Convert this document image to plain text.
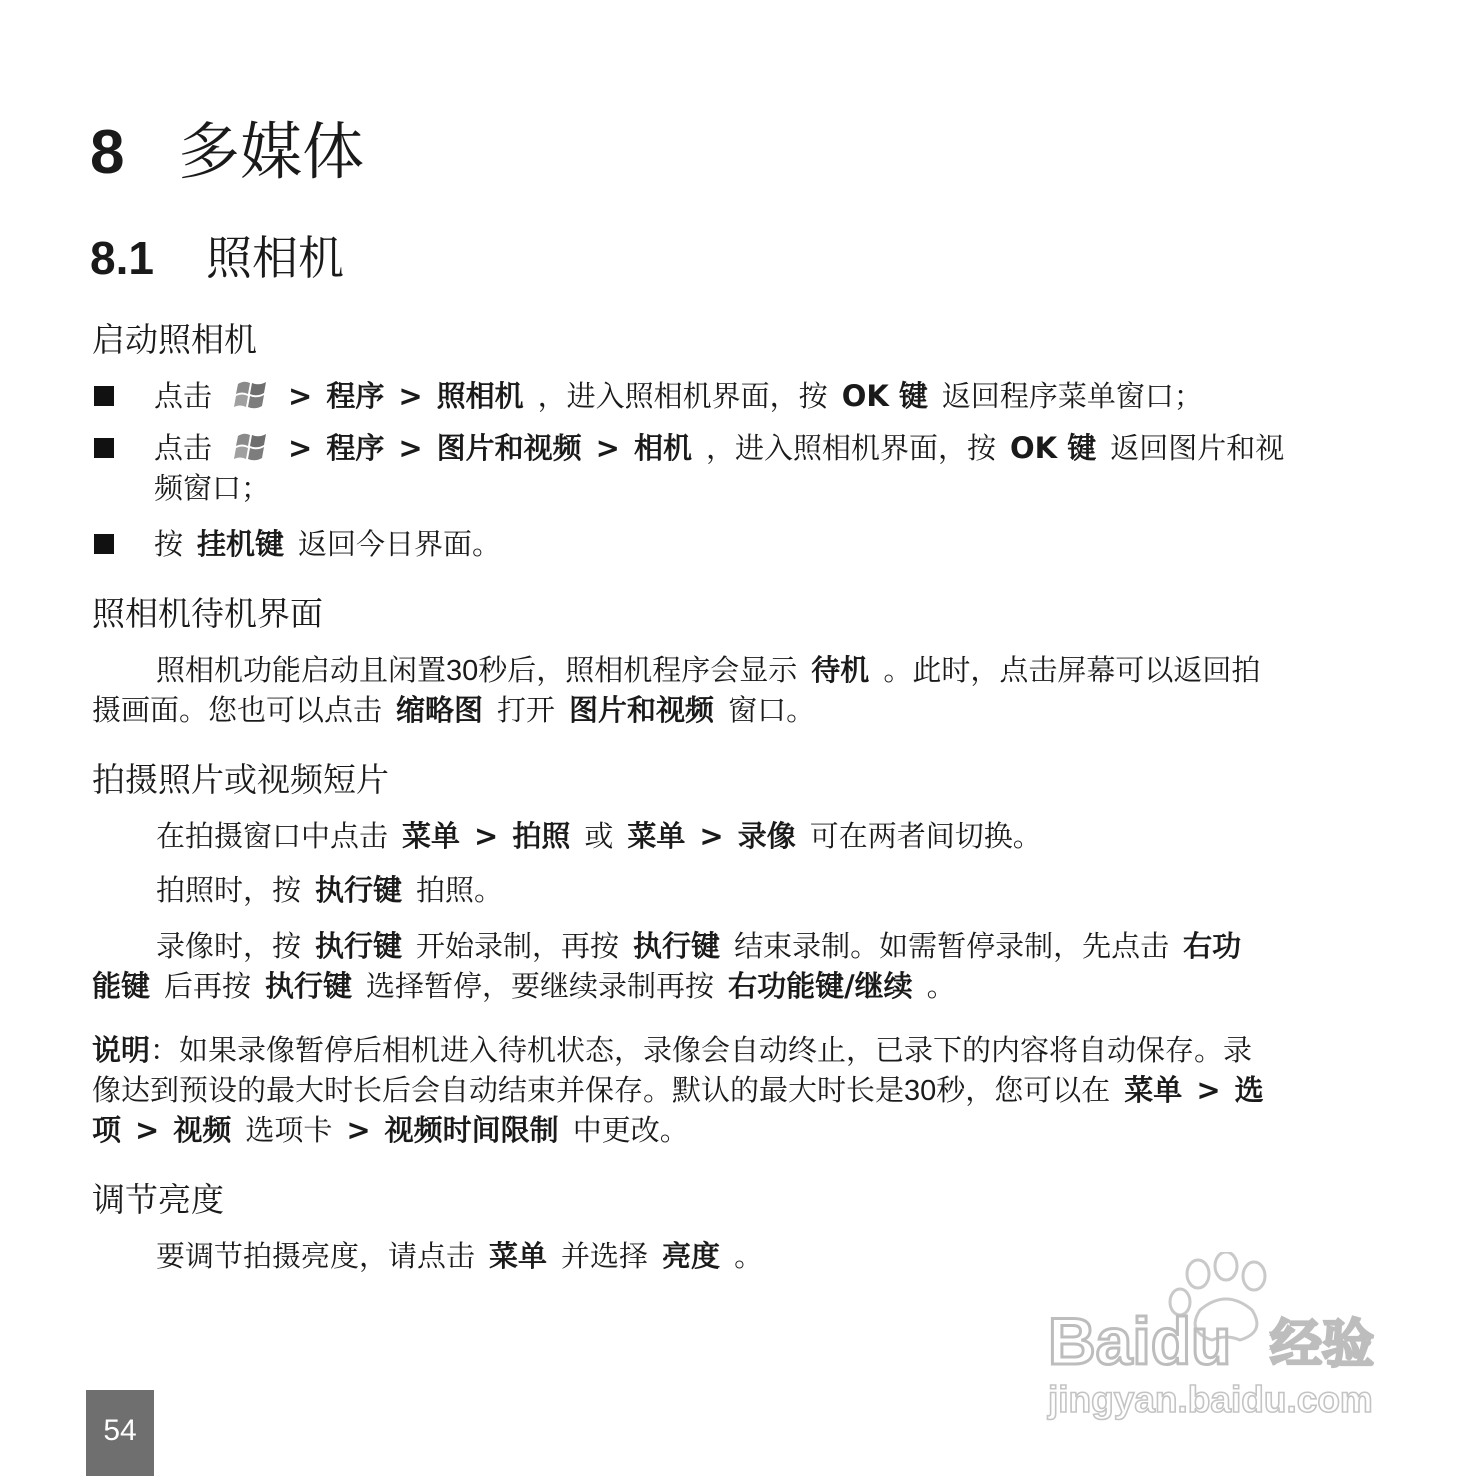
8 多媒体
8.1 照相机
启动照相机
点击	> 程序 > 照相机 ，进入照相机界面，按 OK 键 返回程序菜单窗口；
点击	> 程序 > 图片和视频 > 相机 ，进入照相机界面，按 OK 键 返回图片和视
频窗口；
按 挂机键 返回今日界面。
照相机待机界面
照相机功能启动且闲置30秒后，照相机程序会显示 待机 。此时，点击屏幕可以返回拍
摄画面。您也可以点击 缩略图 打开 图片和视频 窗口。
拍摄照片或视频短片
在拍摄窗口中点击 菜单 > 拍照 或 菜单 > 录像 可在两者间切换。
拍照时，按 执行键 拍照。
录像时，按 执行键 开始录制，再按 执行键 结束录制。如需暂停录制，先点击 右功
能键 后再按 执行键 选择暂停，要继续录制再按 右功能键/继续 。
说明：如果录像暂停后相机进入待机状态，录像会自动终止，已录下的内容将自动保存。录
像达到预设的最大时长后会自动结束并保存。默认的最大时长是30秒，您可以在 菜单 > 选
项 > 视频 选项卡 > 视频时间限制 中更改。
调节亮度
要调节拍摄亮度，请点击 菜单 并选择 亮度 。
Baidu 经验
jingyan.baidu.com
54
